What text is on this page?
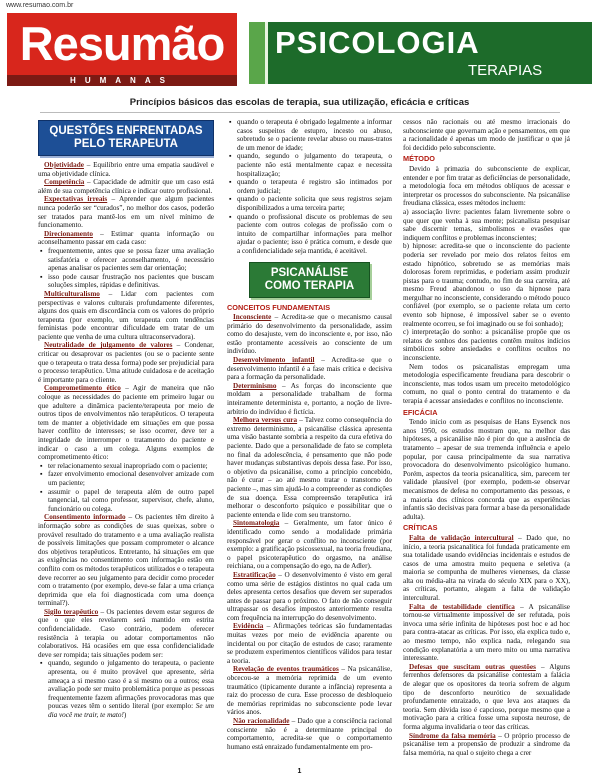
www.resumao.com.br
Resumão
HUMANAS
PSICOLOGIA
TERAPIAS
Princípios básicos das escolas de terapia, sua utilização, eficácia e críticas
QUESTÕES ENFRENTADAS PELO TERAPEUTA

Objetividade – Equilíbrio entre uma empatia saudável e uma objetividade clínica.

Competência – Capacidade de admitir que um caso está além de sua competência clínica e indicar outro profissional.

Expectativas irreais – Aprender que algum pacientes nunca poderão ser “curados”, no melhor dos casos, poderão ser tratados para mantê-los em um nível mínimo de funcionamento.

Direcionamento – Estimar quanta informação ou aconselhamento passar em cada caso:

▪ frequentemente, antes que se possa fazer uma avaliação satisfatória e oferecer aconselhamento, é necessário apenas analisar os pacientes sem dar orientação;
▪ isso pode causar frustração nos pacientes que buscam soluções simples, rápidas e definitivas.

Multiculturalismo – Lidar com pacientes com perspectivas e valores culturais profundamente diferentes, alguns dos quais em discordância com os valores do próprio terapeuta (por exemplo, um terapeuta com tendências feministas pode encontrar dificuldade em tratar de um paciente que venha de uma cultura ultraconservadora).

Neutralidade de julgamento de valores – Condenar, criticar ou desaprovar os pacientes (ou se o paciente sente que o terapeuta o trata dessa forma) pode ser prejudicial para o processo terapêutico. Uma atitude cuidadosa e de aceitação é importante para o cliente.

Comprometimento ético – Agir de maneira que não coloque as necessidades do paciente em primeiro lugar ou que adultere a dinâmica paciente/terapeuta por meio de outros tipos de envolvimentos não terapêuticos. O terapeuta tem de manter a objetividade em situações em que possa haver conflito de interesses; se isso ocorrer, deve ter a integridade de interromper o tratamento do paciente e indicar o caso a um colega. Alguns exemplos de comprometimento ético:

▪ ter relacionamento sexual inapropriado com o paciente;
▪ fazer envolvimento emocional desenvolver amizade com um paciente;
▪ assumir o papel de terapeuta além de outro papel tangencial, tal como professor, supervisor, chefe, aluno, funcionário ou colega.

Consentimento informado – Os pacientes têm direito à informação sobre as condições de suas queixas, sobre o provável resultado do tratamento e a uma avaliação realista de possíveis limitações que possam comprometer o alcance dos objetivos terapêuticos. Entretanto, há situações em que as exigências no consentimento com informação estão em conflito com os métodos terapêuticos utilizados e o terapeuta deve recorrer ao seu julgamento para decidir como proceder com o tratamento (por exemplo, deve-se falar a uma criança deprimida que ela foi diagnosticada com uma doença terminal?).

Sigilo terapêutico – Os pacientes devem estar seguros de que o que eles revelarem será mantido em estrita confidencialidade. Caso contrário, podem oferecer resistência à terapia ou adotar comportamentos não colaborativos. Há ocasiões em que essa confidencialidade deve ser rompida; tais situações podem ser:

▪ quando, segundo o julgamento do terapeuta, o paciente apresenta, ou é muito provável que apresente, séria ameaça a si mesmo caso é a si mesmo ou a outros; essa avaliação pode ser muito problemática porque as pessoas frequentemente fazem afirmações provocadoras mas que poucas vezes têm o sentido literal (por exemplo: Se um dia você me trair, te mato!)
▪ quando o terapeuta é obrigado legalmente a informar casos suspeitos de estupro, incesto ou abuso, sobretudo se o paciente revelar abuso ou maus-tratos de um menor de idade;
▪ quando, segundo o julgamento do terapeuta, o paciente não está mentalmente capaz e necessita hospitalização;
▪ quando o terapeuta é registro são intimados por ordem judicial;
▪ quando o paciente solicita que seus registros sejam disponibilizados a uma terceira parte;
▪ quando o profissional discute os problemas de seu paciente com outros colegas de profissão com o intuito de compartilhar informações para melhor ajudar o paciente; isso é prática comum, e desde que a confidencialidade seja mantida, é aceitável.
PSICANÁLISE COMO TERAPIA
CONCEITOS FUNDAMENTAIS

Inconsciente – Acredita-se que o mecanismo causal primário do desenvolvimento da personalidade, assim como do desajuste, vem do inconsciente e, por isso, não estão prontamente acessíveis ao consciente de um indivíduo.

Desenvolvimento infantil – Acredita-se que o desenvolvimento infantil é a fase mais crítica e decisiva para a formação da personalidade.

Determinismo – As forças do inconsciente que moldam a personalidade trabalham de forma inteiramente determinista e, portanto, a noção de livre-arbítrio do indivíduo é fictícia.

Melhora versus cura – Talvez como consequência do extremo determinismo, a psicanálise clássica apresenta uma visão bastante sombria a respeito da cura efetiva do paciente. Dado que a personalidade de fato se completa no final da adolescência, é pensamento que não pode haver mudanças substantivas depois dessa fase. Por isso, o objetivo da psicanálise, como a princípio concebido, não é curar – ao até mesmo tratar o transtorno do paciente –, mas sim ajudá-lo a compreender as condições de sua doença. Essa compreensão terapêutica irá melhorar o desconforto psíquico e possibilitar que o paciente entenda e lide com seu transtorno.

Sintomatologia – Geralmente, um fator único é identificado como sendo a modalidade primária responsável por gerar o conflito no inconsciente (por exemplo: a gratificação psicossexual, na teoria freudiana, o papel psicoterapêutico do orgasmo, na análise reichiana, ou a compensação do ego, na de Adler).

Estratificação – O desenvolvimento é visto em geral como uma série de estágios distintos no qual cada um deles apresenta certos desafios que devem ser superados antes de passar para o próximo. O fato de não conseguir ultrapassar os desafios impostos anteriormente resulta com frequência na interrupção do desenvolvimento.

Evidência – Afirmações teóricas são fundamentadas muitas vezes por meio de evidência aparente ou incidental ou por citação de estudos de caso; raramente se produzem experimentos científicos válidos para testar a teoria.

Revelação de eventos traumáticos – Na psicanálise, obcecou-se a memória reprimida de um evento traumático (tipicamente durante a infância) representa a raiz do processo de cura. Esse processo de desbloqueio de memórias reprimidas no subconsciente pode levar vários anos.

Não racionalidade – Dado que a consciência racional consciente não é a determinante principal do comportamento, acredita-se que o comportamento humano está enraizado fundamentalmente em pro-

cessos não racionais ou até mesmo irracionais do subconsciente que governam ação e pensamentos, em que a racionalidade é apenas um modo de justificar o que já foi decidido pelo subconsciente.

MÉTODO

Devido à primazia do subconsciente de explicar, entender e por fim tratar as deficiências de personalidade, a metodologia foca em métodos oblíquos de acessar e interpretar os processos do subconsciente. Na psicanálise freudiana clássica, esses métodos incluem:

a) associação livre: pacientes falam livremente sobre o que quer que venha à sua mente; psicanalista pesquisar sabe discernir temas, simbolismos e evasões que indiquem conflitos e problemas inconscientes;

b) hipnose: acredita-se que o inconsciente do paciente poderia ser revelado por meio dos relatos feitos em estado hipnótico, sobretudo se as memórias mais dolorosas forem reprimidas, e poderiam assim produzir pistas para o trauma; contudo, no fim de sua carreira, até mesmo Freud abandonou o uso da hipnose para mergulhar no inconsciente, considerando o método pouco confiável (por exemplo, se o paciente relata um certo evento sob hipnose, é impossível saber se o evento realmente ocorreu, se foi imaginado ou se foi sonhado);

c) interpretação do sonho: a psicanálise propõe que os relatos de sonhos dos pacientes contêm muitos indícios simbólicos sobre ansiedades e conflitos ocultos no inconsciente.

Nem todos os psicanalistas empregam uma metodologia especificamente freudiana para descobrir o inconsciente, mas todos usam um preceito metodológico comum, no qual o ponto central do tratamento e da terapia é acessar ansiedades e conflitos no inconsciente.

EFICÁCIA

Tendo início com as pesquisas de Hans Eysenck nos anos 1950, os estudos mostram que, na melhor das hipóteses, a psicanálise não é pior do que a ausência de tratamento – apesar de sua tremenda influência e apelo popular, por causa principalmente da sua narrativa provocadora do desenvolvimento psicológico humano. Porém, aspectos da teoria psicanalítica, sim, parecem ter validade plausível (por exemplo, podem-se observar mecanismos de defesa no comportamento das pessoas, e a maioria dos clínicos concorda que as experiências infantis são decisivas para formar a base da personalidade adulta).

CRÍTICAS

Falta de validação intercultural – Dado que, no início, a teoria psicanalítica foi fundada praticamente em sua totalidade usando evidências incidentais e estudos de casos de uma amostra muito pequena e seletiva (a maioria se compunha de mulheres vienenses, da classe alta ou média-alta na virada do século XIX para o XX), as críticas, portanto, alegam a falta de validação intercultural.

Falta de testabilidade científica – A psicanálise tornou-se virtualmente impossível de ser refutada, pois invoca uma série infinita de hipóteses post hoc e ad hoc para contra-atacar as críticas. Por isso, ela explica tudo e, ao mesmo tempo, não explica nada, relegando sua condição explanatória a um mero mito ou uma narrativa interessante.

Defesas que suscitam outras questões – Alguns ferrenhos defensores da psicanálise contestam a falácia de alegar que os opositores da teoria sofrem de algum tipo de desconforto neurótico de sexualidade profundamente enraizado, o que leva aos ataques da teoria. Sem dúvida isso é capcioso, porque mesmo que a motivação para a crítica fosse uma suposta neurose, de forma alguma invalidaria o teor das críticas.

Síndrome da falsa memória – O próprio processo de psicanálise tem a propensão de produzir a síndrome da falsa memória, na qual o sujeito chega a crer

1
